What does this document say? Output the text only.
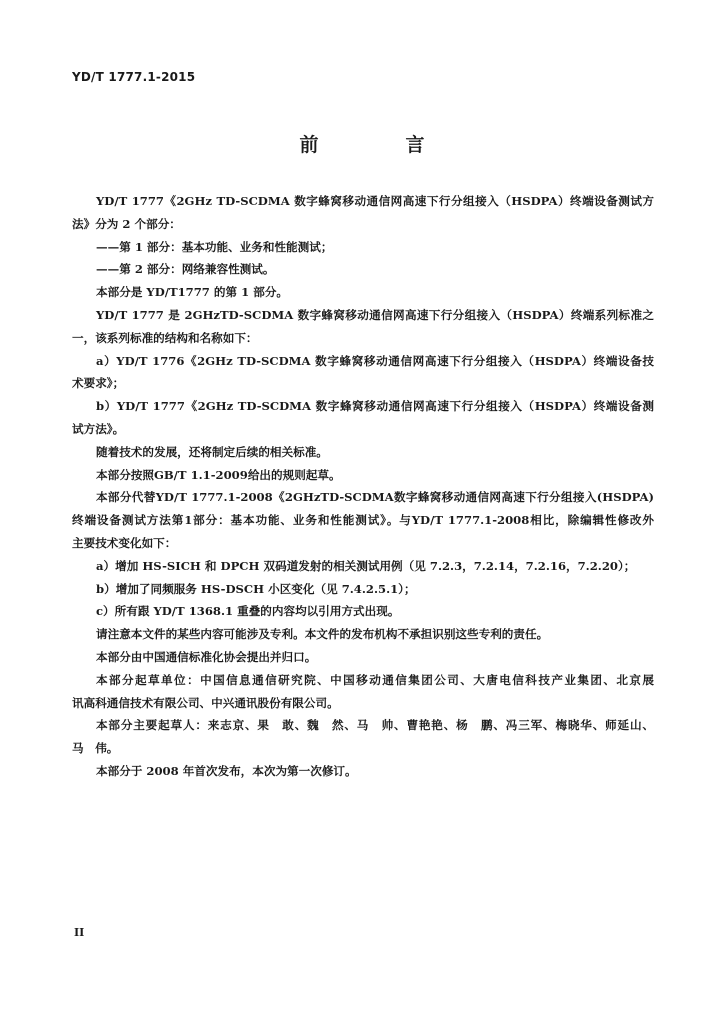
YD/T 1777.1-2015
前　言

YD/T 1777《2GHz TD-SCDMA 数字蜂窝移动通信网高速下行分组接入（HSDPA）终端设备测试方

法》分为 2 个部分：

——第 1 部分：基本功能、业务和性能测试；

——第 2 部分：网络兼容性测试。

本部分是 YD/T1777 的第 1 部分。

YD/T 1777 是 2GHzTD-SCDMA 数字蜂窝移动通信网高速下行分组接入（HSDPA）终端系列标准之

一，该系列标准的结构和名称如下：

a）YD/T 1776《2GHz TD-SCDMA 数字蜂窝移动通信网高速下行分组接入（HSDPA）终端设备技

术要求》；

b）YD/T 1777《2GHz TD-SCDMA 数字蜂窝移动通信网高速下行分组接入（HSDPA）终端设备测

试方法》。

随着技术的发展，还将制定后续的相关标准。

本部分按照GB/T 1.1-2009给出的规则起草。

本部分代替YD/T 1777.1-2008《2GHzTD-SCDMA数字蜂窝移动通信网高速下行分组接入(HSDPA)

终端设备测试方法第1部分：基本功能、业务和性能测试》。与YD/T 1777.1-2008相比，除编辑性修改外

主要技术变化如下：

a）增加 HS-SICH 和 DPCH 双码道发射的相关测试用例（见 7.2.3，7.2.14，7.2.16，7.2.20）；

b）增加了同频服务 HS-DSCH 小区变化（见 7.4.2.5.1）；

c）所有跟 YD/T 1368.1 重叠的内容均以引用方式出现。

请注意本文件的某些内容可能涉及专利。本文件的发布机构不承担识别这些专利的责任。

本部分由中国通信标准化协会提出并归口。

本部分起草单位：中国信息通信研究院、中国移动通信集团公司、大唐电信科技产业集团、北京展

讯高科通信技术有限公司、中兴通讯股份有限公司。

本部分主要起草人：来志京、果　敢、魏　然、马　帅、曹艳艳、杨　鹏、冯三军、梅晓华、师延山、

马　伟。

本部分于 2008 年首次发布，本次为第一次修订。

II
